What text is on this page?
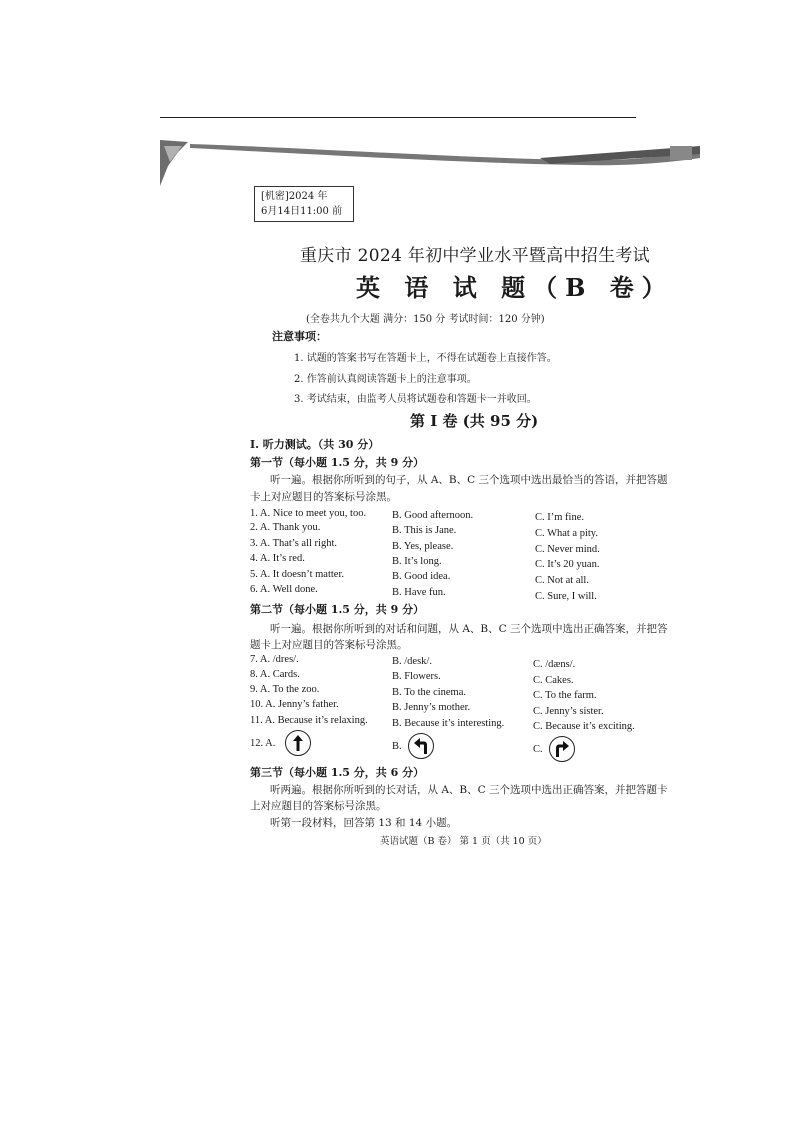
[机密]2024 年
6月14日11:00 前
重庆市 2024 年初中学业水平暨高中招生考试
英 语 试 题（B 卷）
(全卷共九个大题 满分：150 分 考试时间：120 分钟)
注意事项：
1. 试题的答案书写在答题卡上，不得在试题卷上直接作答。
2. 作答前认真阅读答题卡上的注意事项。
3. 考试结束，由监考人员将试题卷和答题卡一并收回。
第 I 卷 (共 95 分)
I. 听力测试。（共 30 分）
第一节（每小题 1.5 分，共 9 分）
听一遍。根据你所听到的句子，从 A、B、C 三个选项中选出最恰当的答语，并把答题
卡上对应题目的答案标号涂黑。
1. A. Nice to meet you, too. B. Good afternoon.	C. I’m fine.
2. A. Thank you.	B. This is Jane.	C. What a pity.
3. A. That’s all right.	B. Yes, please.	C. Never mind.
4. A. It’s red.	B. It’s long.	C. It’s 20 yuan.
5. A. It doesn’t matter.	B. Good idea.	C. Not at all.
6. A. Well done.	B. Have fun.	C. Sure, I will.
第二节（每小题 1.5 分，共 9 分）
听一遍。根据你所听到的对话和问题，从 A、B、C 三个选项中选出正确答案，并把答
题卡上对应题目的答案标号涂黑。
7. A. /dres/.	B. /desk/.	C. /dæns/.
8. A. Cards.	B. Flowers.	C. Cakes.
9. A. To the zoo.	B. To the cinema.	C. To the farm.
10. A. Jenny’s father.	B. Jenny’s mother.	C. Jenny’s sister.
11. A. Because it’s relaxing. B. Because it’s interesting.	C. Because it’s exciting.
12. A.	B.	C.
第三节（每小题 1.5 分，共 6 分）
听两遍。根据你所听到的长对话，从 A、B、C 三个选项中选出正确答案，并把答题卡
上对应题目的答案标号涂黑。
听第一段材料，回答第 13 和 14 小题。
英语试题（B 卷） 第 1 页（共 10 页）
